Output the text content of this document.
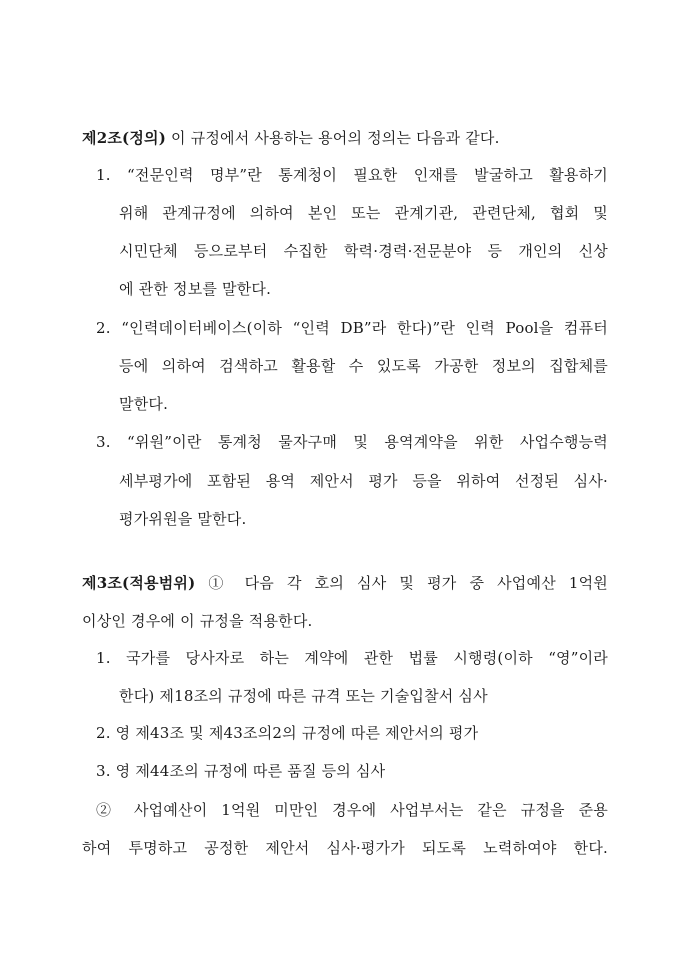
제2조(정의) 이 규정에서 사용하는 용어의 정의는 다음과 같다.
1. “전문인력 명부”란 통계청이 필요한 인재를 발굴하고 활용하기
위해 관계규정에 의하여 본인 또는 관계기관, 관련단체, 협회 및
시민단체 등으로부터 수집한 학력·경력·전문분야 등 개인의 신상
에 관한 정보를 말한다.
2. “인력데이터베이스(이하 “인력 DB”라 한다)”란 인력 Pool을 컴퓨터
등에 의하여 검색하고 활용할 수 있도록 가공한 정보의 집합체를
말한다.
3. “위원”이란 통계청 물자구매 및 용역계약을 위한 사업수행능력
세부평가에 포함된 용역 제안서 평가 등을 위하여 선정된 심사·
평가위원을 말한다.
제3조(적용범위) ① 다음 각 호의 심사 및 평가 중 사업예산 1억원
이상인 경우에 이 규정을 적용한다.
1. 국가를 당사자로 하는 계약에 관한 법률 시행령(이하 “영”이라
한다) 제18조의 규정에 따른 규격 또는 기술입찰서 심사
2. 영 제43조 및 제43조의2의 규정에 따른 제안서의 평가
3. 영 제44조의 규정에 따른 품질 등의 심사
② 사업예산이 1억원 미만인 경우에 사업부서는 같은 규정을 준용
하여 투명하고 공정한 제안서 심사·평가가 되도록 노력하여야 한다.
